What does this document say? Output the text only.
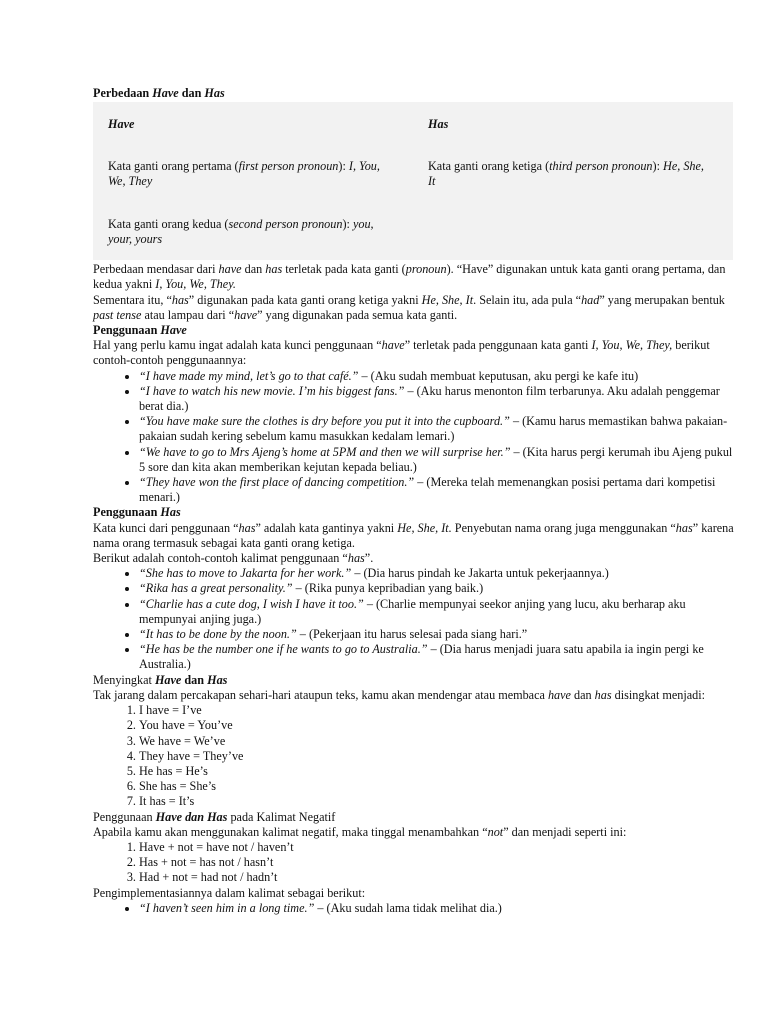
Perbedaan Have dan Has

Have	Has
Kata ganti orang pertama (first person pronoun): I, You, We, They
Kata ganti orang ketiga (third person pronoun): He, She, It
Kata ganti orang kedua (second person pronoun): you, your, yours

Perbedaan mendasar dari have dan has terletak pada kata ganti (pronoun). “Have” digunakan untuk kata ganti orang pertama, dan kedua yakni I, You, We, They.

Sementara itu, “has” digunakan pada kata ganti orang ketiga yakni He, She, It. Selain itu, ada pula “had” yang merupakan bentuk past tense atau lampau dari “have” yang digunakan pada semua kata ganti.

Penggunaan Have

Hal yang perlu kamu ingat adalah kata kunci penggunaan “have” terletak pada penggunaan kata ganti I, You, We, They, berikut contoh-contoh penggunaannya:

• “I have made my mind, let’s go to that café.” – (Aku sudah membuat keputusan, aku pergi ke kafe itu)
• “I have to watch his new movie. I’m his biggest fans.” – (Aku harus menonton film terbarunya. Aku adalah penggemar berat dia.)
• “You have make sure the clothes is dry before you put it into the cupboard.” – (Kamu harus memastikan bahwa pakaian-pakaian sudah kering sebelum kamu masukkan kedalam lemari.)
• “We have to go to Mrs Ajeng’s home at 5PM and then we will surprise her.” – (Kita harus pergi kerumah ibu Ajeng pukul 5 sore dan kita akan memberikan kejutan kepada beliau.)
• “They have won the first place of dancing competition.” – (Mereka telah memenangkan posisi pertama dari kompetisi menari.)

Penggunaan Has

Kata kunci dari penggunaan “has” adalah kata gantinya yakni He, She, It. Penyebutan nama orang juga menggunakan “has” karena nama orang termasuk sebagai kata ganti orang ketiga.

Berikut adalah contoh-contoh kalimat penggunaan “has”.

• “She has to move to Jakarta for her work.” – (Dia harus pindah ke Jakarta untuk pekerjaannya.)
• “Rika has a great personality.” – (Rika punya kepribadian yang baik.)
• “Charlie has a cute dog, I wish I have it too.” – (Charlie mempunyai seekor anjing yang lucu, aku berharap aku mempunyai anjing juga.)
• “It has to be done by the noon.” – (Pekerjaan itu harus selesai pada siang hari.”
• “He has be the number one if he wants to go to Australia.” – (Dia harus menjadi juara satu apabila ia ingin pergi ke Australia.)

Menyingkat Have dan Has

Tak jarang dalam percakapan sehari-hari ataupun teks, kamu akan mendengar atau membaca have dan has disingkat menjadi:

1. I have = I’ve
2. You have = You’ve
3. We have = We’ve
4. They have = They’ve
5. He has = He’s
6. She has = She’s
7. It has = It’s

Penggunaan Have dan Has pada Kalimat Negatif

Apabila kamu akan menggunakan kalimat negatif, maka tinggal menambahkan “not” dan menjadi seperti ini:

1. Have + not = have not / haven’t
2. Has + not = has not / hasn’t
3. Had + not = had not / hadn’t

Pengimplementasiannya dalam kalimat sebagai berikut:

• “I haven’t seen him in a long time.” – (Aku sudah lama tidak melihat dia.)
